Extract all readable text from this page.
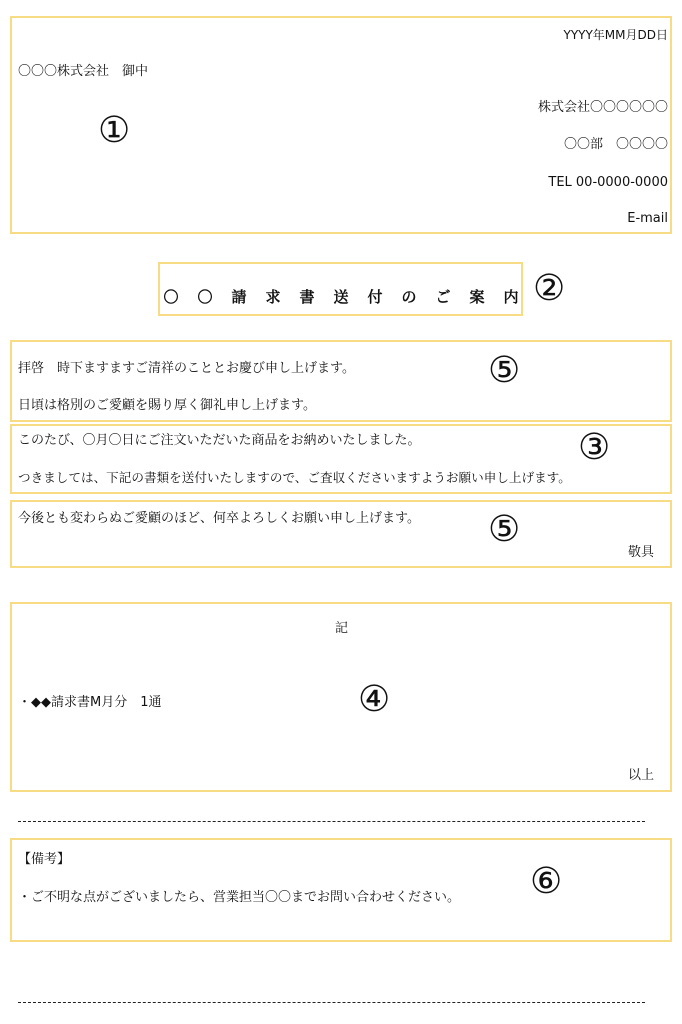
YYYY年MM月DD日
〇〇〇株式会社　御中
株式会社〇〇〇〇〇〇
〇〇部　〇〇〇〇
TEL 00-0000-0000
E-mail
①
〇〇請求書送付のご案内
②
拝啓　時下ますますご清祥のこととお慶び申し上げます。
日頃は格別のご愛顧を賜り厚く御礼申し上げます。
⑤
このたび、〇月〇日にご注文いただいた商品をお納めいたしました。
つきましては、下記の書類を送付いたしますので、ご査収くださいますようお願い申し上げます。
③
今後とも変わらぬご愛顧のほど、何卒よろしくお願い申し上げます。
敬具
⑤
記
・◆◆請求書M月分　1通
以上
④
【備考】
・ご不明な点がございましたら、営業担当〇〇までお問い合わせください。 ⑥
